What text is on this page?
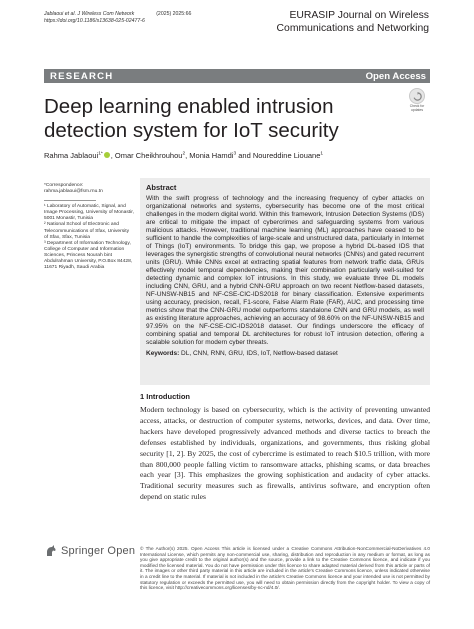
Jablaoui et al. J Wireless Com Network	(2025) 2025:66
https://doi.org/10.1186/s13638-025-02477-6	EURASIP Journal on Wireless
Communications and Networking
RESEARCH	Open Access
Deep learning enabled intrusion detection system for IoT security
Check for updates
Rahma Jablaoui$^{1*}$ , Omar Cheikhrouhou$^2$, Monia Hamdi$^3$ and Noureddine Liouane$^1$
*Correspondence:
rahma.jablaoui@fsm.rnu.tn
¹ Laboratory of Automatic, Signal, and Image Processing, University of Monastir, 5001 Monastir, Tunisia
² National School of Electronic and Telecommunications of Sfax, University of Sfax, Sfax, Tunisia
³ Department of Information Technology, College of Computer and Information Sciences, Princess Nourah bint Abdulrahman University, P.O.Box 84428, 11671 Riyadh, Saudi Arabia
Abstract

With the swift progress of technology and the increasing frequency of cyber attacks on organizational networks and systems, cybersecurity has become one of the most critical challenges in the modern digital world. Within this framework, Intrusion Detection Systems (IDS) are critical to mitigate the impact of cybercrimes and safeguarding systems from various malicious attacks. However, traditional machine learning (ML) approaches have ceased to be sufficient to handle the complexities of large-scale and unstructured data, particularly in Internet of Things (IoT) environments. To bridge this gap, we propose a hybrid DL-based IDS that leverages the synergistic strengths of convolutional neural networks (CNNs) and gated recurrent units (GRU). While CNNs excel at extracting spatial features from network traffic data, GRUs effectively model temporal dependencies, making their combination particularly well-suited for detecting dynamic and complex IoT intrusions. In this study, we evaluate three DL models including CNN, GRU, and a hybrid CNN-GRU approach on two recent Netflow-based datasets, NF-UNSW-NB15 and NF-CSE-CIC-IDS2018 for binary classification. Extensive experiments using accuracy, precision, recall, F1-score, False Alarm Rate (FAR), AUC, and processing time metrics show that the CNN-GRU model outperforms standalone CNN and GRU models, as well as existing literature approaches, achieving an accuracy of 98.60% on the NF-UNSW-NB15 and 97.95% on the NF-CSE-CIC-IDS2018 dataset. Our findings underscore the efficacy of combining spatial and temporal DL architectures for robust IoT intrusion detection, offering a scalable solution for modern cyber threats.

Keywords: DL, CNN, RNN, GRU, IDS, IoT, Netflow-based dataset
1 Introduction
Modern technology is based on cybersecurity, which is the activity of preventing unwanted access, attacks, or destruction of computer systems, networks, devices, and data. Over time, hackers have developed progressively advanced methods and diverse tactics to breach the defenses established by individuals, organizations, and governments, thus risking global security [1, 2]. By 2025, the cost of cybercrime is estimated to reach $10.5 trillion, with more than 800,000 people falling victim to ransomware attacks, phishing scams, or data breaches each year [3]. This emphasizes the growing sophistication and audacity of cyber attacks. Traditional security measures such as firewalls, antivirus software, and encryption often depend on static rules
Springer Open © The Author(s) 2025. Open Access This article is licensed under a Creative Commons Attribution-NonCommercial-NoDerivatives 4.0 International License, which permits any non-commercial use, sharing, distribution and reproduction in any medium or format, as long as you give appropriate credit to the original author(s) and the source, provide a link to the Creative Commons licence, and indicate if you modified the licensed material. You do not have permission under this licence to share adapted material derived from this article or parts of it. The images or other third party material in this article are included in the article's Creative Commons licence, unless indicated otherwise in a credit line to the material. If material is not included in the article's Creative Commons licence and your intended use is not permitted by statutory regulation or exceeds the permitted use, you will need to obtain permission directly from the copyright holder. To view a copy of this licence, visit http://creativecommons.org/licenses/by-nc-nd/4.0/.
